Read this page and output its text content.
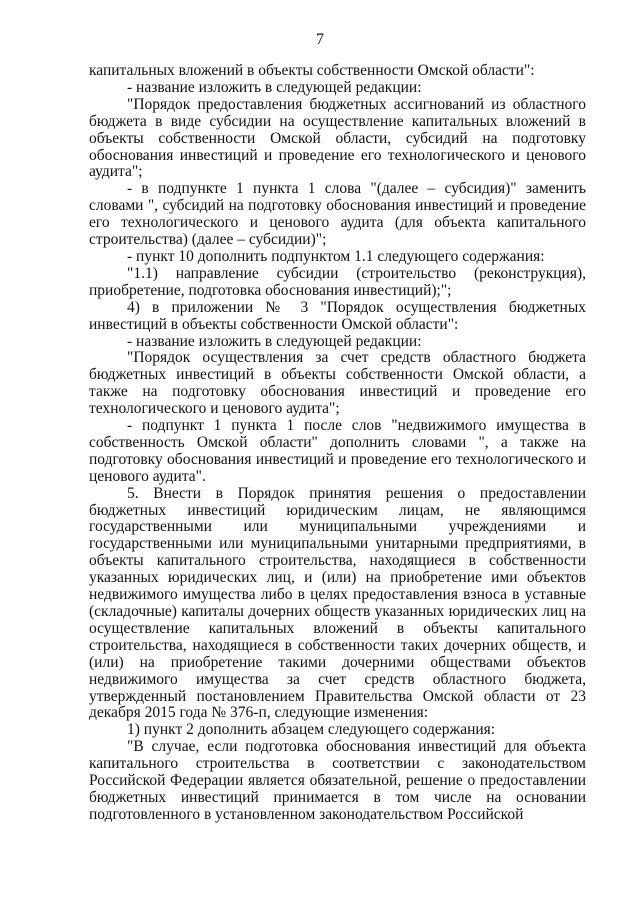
7

капитальных вложений в объекты собственности Омской области":

- название изложить в следующей редакции:

"Порядок предоставления бюджетных ассигнований из областного бюджета в виде субсидии на осуществление капитальных вложений в объекты собственности Омской области, субсидий на подготовку обоснования инвестиций и проведение его технологического и ценового аудита";

- в подпункте 1 пункта 1 слова "(далее – субсидия)" заменить словами ", субсидий на подготовку обоснования инвестиций и проведение его технологического и ценового аудита (для объекта капитального строительства) (далее – субсидии)";

- пункт 10 дополнить подпунктом 1.1 следующего содержания:

"1.1) направление субсидии (строительство (реконструкция), приобретение, подготовка обоснования инвестиций);";

4) в приложении № 3 "Порядок осуществления бюджетных инвестиций в объекты собственности Омской области":

- название изложить в следующей редакции:

"Порядок осуществления за счет средств областного бюджета бюджетных инвестиций в объекты собственности Омской области, а также на подготовку обоснования инвестиций и проведение его технологического и ценового аудита";

- подпункт 1 пункта 1 после слов "недвижимого имущества в собственность Омской области" дополнить словами ", а также на подготовку обоснования инвестиций и проведение его технологического и ценового аудита".

5. Внести в Порядок принятия решения о предоставлении бюджетных инвестиций юридическим лицам, не являющимся государственными или муниципальными учреждениями и государственными или муниципальными унитарными предприятиями, в объекты капитального строительства, находящиеся в собственности указанных юридических лиц, и (или) на приобретение ими объектов недвижимого имущества либо в целях предоставления взноса в уставные (складочные) капиталы дочерних обществ указанных юридических лиц на осуществление капитальных вложений в объекты капитального строительства, находящиеся в собственности таких дочерних обществ, и (или) на приобретение такими дочерними обществами объектов недвижимого имущества за счет средств областного бюджета, утвержденный постановлением Правительства Омской области от 23 декабря 2015 года № 376-п, следующие изменения:

1) пункт 2 дополнить абзацем следующего содержания:

"В случае, если подготовка обоснования инвестиций для объекта капитального строительства в соответствии с законодательством Российской Федерации является обязательной, решение о предоставлении бюджетных инвестиций принимается в том числе на основании подготовленного в установленном законодательством Российской
